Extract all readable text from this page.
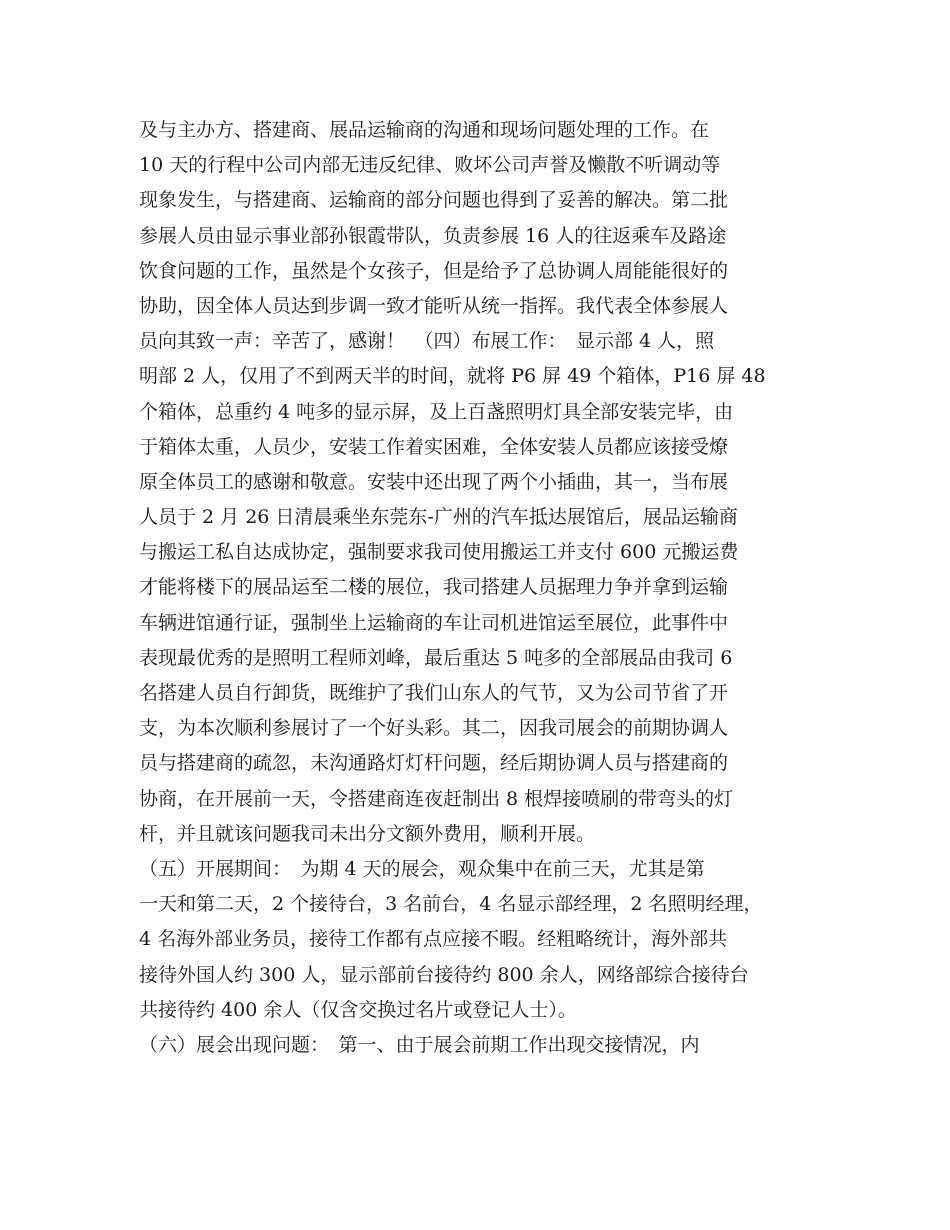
及与主办方、搭建商、展品运输商的沟通和现场问题处理的工作。在
10 天的行程中公司内部无违反纪律、败坏公司声誉及懒散不听调动等
现象发生，与搭建商、运输商的部分问题也得到了妥善的解决。第二批
参展人员由显示事业部孙银霞带队，负责参展 16 人的往返乘车及路途
饮食问题的工作，虽然是个女孩子，但是给予了总协调人周能能很好的
协助，因全体人员达到步调一致才能听从统一指挥。我代表全体参展人
员向其致一声：辛苦了，感谢！　（四）布展工作：　显示部 4 人，照
明部 2 人，仅用了不到两天半的时间，就将 P6 屏 49 个箱体，P16 屏 48
个箱体，总重约 4 吨多的显示屏，及上百盏照明灯具全部安装完毕，由
于箱体太重，人员少，安装工作着实困难，全体安装人员都应该接受燎
原全体员工的感谢和敬意。安装中还出现了两个小插曲，其一，当布展
人员于 2 月 26 日清晨乘坐东莞东-广州的汽车抵达展馆后，展品运输商
与搬运工私自达成协定，强制要求我司使用搬运工并支付 600 元搬运费
才能将楼下的展品运至二楼的展位，我司搭建人员据理力争并拿到运输
车辆进馆通行证，强制坐上运输商的车让司机进馆运至展位，此事件中
表现最优秀的是照明工程师刘峰，最后重达 5 吨多的全部展品由我司 6
名搭建人员自行卸货，既维护了我们山东人的气节，又为公司节省了开
支，为本次顺利参展讨了一个好头彩。其二，因我司展会的前期协调人
员与搭建商的疏忽，未沟通路灯灯杆问题，经后期协调人员与搭建商的
协商，在开展前一天，令搭建商连夜赶制出 8 根焊接喷刷的带弯头的灯
杆，并且就该问题我司未出分文额外费用，顺利开展。
（五）开展期间：　为期 4 天的展会，观众集中在前三天，尤其是第
一天和第二天，2 个接待台，3 名前台，4 名显示部经理，2 名照明经理，
4 名海外部业务员，接待工作都有点应接不暇。经粗略统计，海外部共
接待外国人约 300 人，显示部前台接待约 800 余人，网络部综合接待台
共接待约 400 余人（仅含交换过名片或登记人士）。
（六）展会出现问题：　第一、由于展会前期工作出现交接情况，内
